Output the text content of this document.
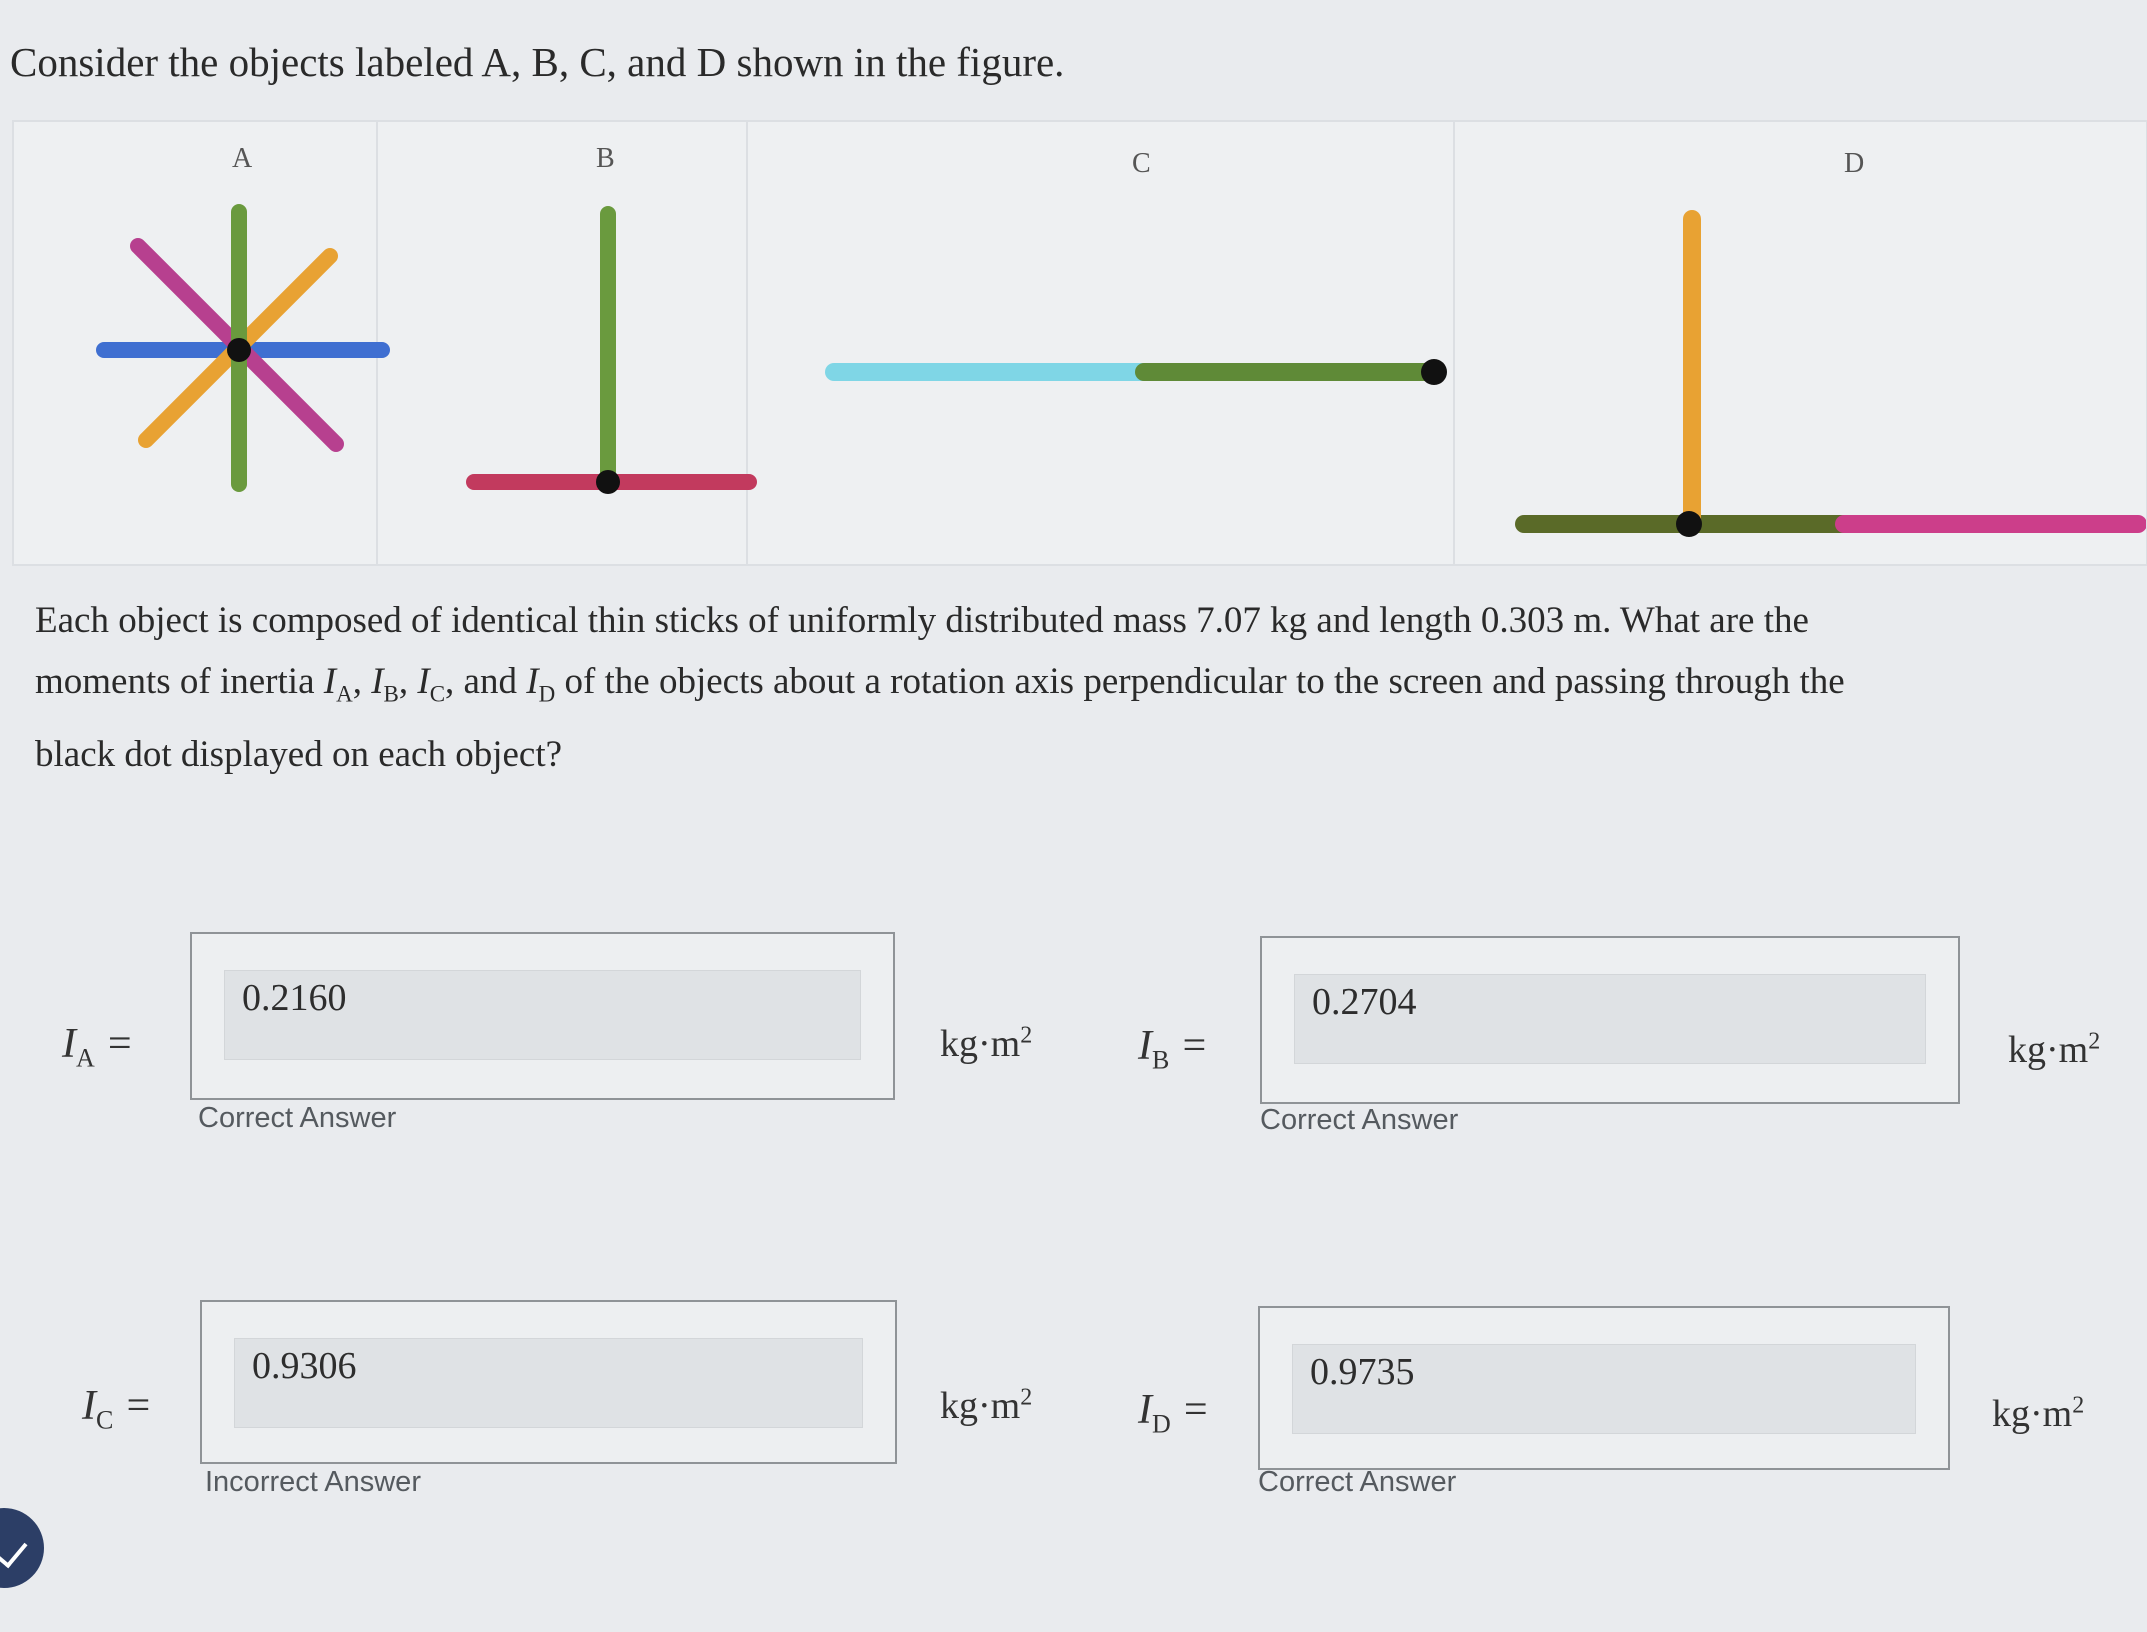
Consider the objects labeled A, B, C, and D shown in the figure.
A	B	C	D

Each object is composed of identical thin sticks of uniformly distributed mass 7.07 kg and length 0.303 m. What are the
moments of inertia $I_A$, $I_B$, $I_C$, and $I_D$ of the objects about a rotation axis perpendicular to the screen and passing through the
black dot displayed on each object?

$I_A$ =
0.2160
$kg\cdot m^2$
Correct Answer
$I_B$ =
0.2704
$kg\cdot m^2$
Correct Answer
$I_C$ =
0.9306
$kg\cdot m^2$
Incorrect Answer
$I_D$ =
0.9735
$kg\cdot m^2$
Correct Answer
